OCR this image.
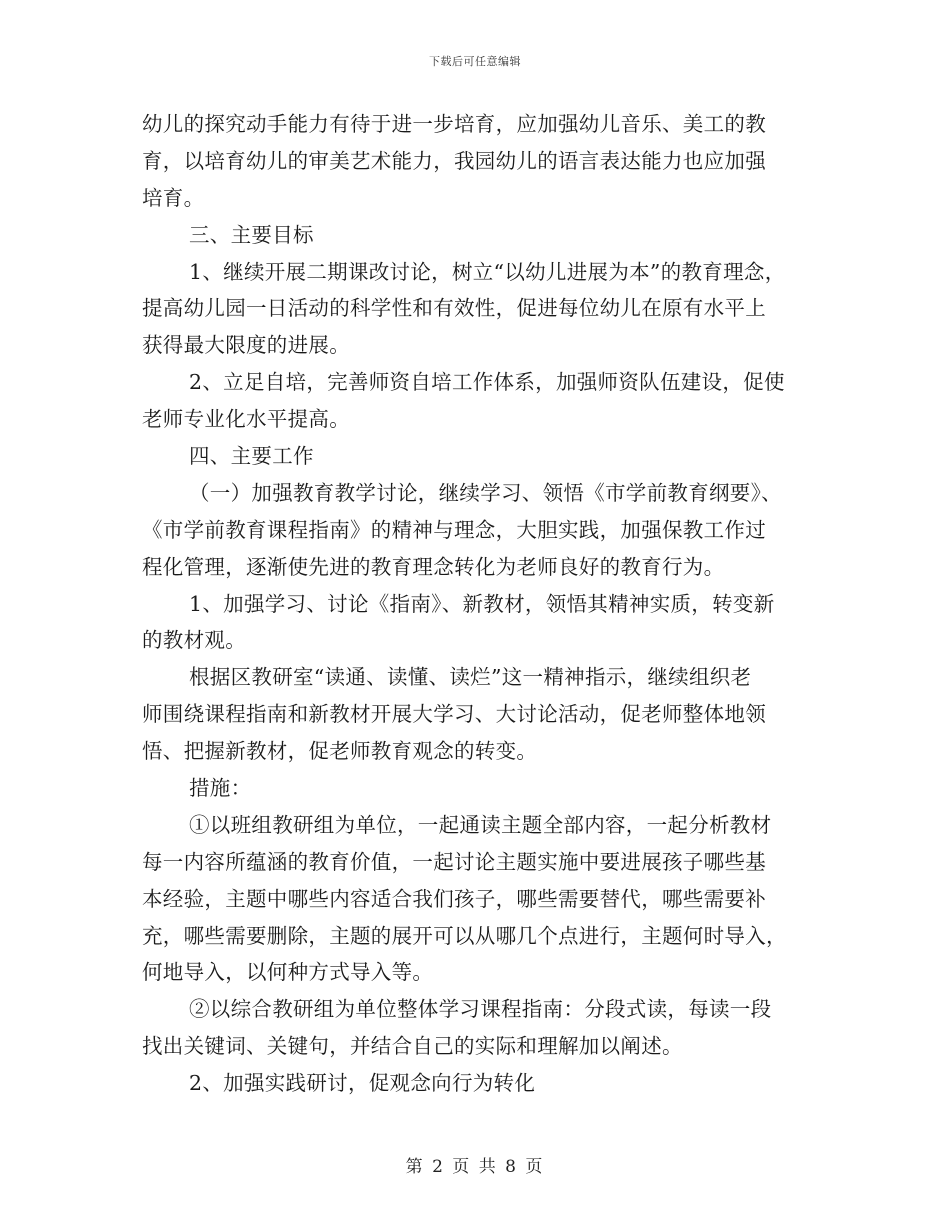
下载后可任意编辑
幼儿的探究动手能力有待于进一步培育，应加强幼儿音乐、美工的教
育，以培育幼儿的审美艺术能力，我园幼儿的语言表达能力也应加强
培育。
三、主要目标
1、继续开展二期课改讨论，树立“以幼儿进展为本”的教育理念，
提高幼儿园一日活动的科学性和有效性，促进每位幼儿在原有水平上
获得最大限度的进展。
2、立足自培，完善师资自培工作体系，加强师资队伍建设，促使
老师专业化水平提高。
四、主要工作
（一）加强教育教学讨论，继续学习、领悟《市学前教育纲要》、
《市学前教育课程指南》的精神与理念，大胆实践，加强保教工作过
程化管理，逐渐使先进的教育理念转化为老师良好的教育行为。
1、加强学习、讨论《指南》、新教材，领悟其精神实质，转变新
的教材观。
根据区教研室“读通、读懂、读烂”这一精神指示，继续组织老
师围绕课程指南和新教材开展大学习、大讨论活动，促老师整体地领
悟、把握新教材，促老师教育观念的转变。
措施：
①以班组教研组为单位，一起通读主题全部内容，一起分析教材
每一内容所蕴涵的教育价值，一起讨论主题实施中要进展孩子哪些基
本经验，主题中哪些内容适合我们孩子，哪些需要替代，哪些需要补
充，哪些需要删除，主题的展开可以从哪几个点进行，主题何时导入，
何地导入，以何种方式导入等。
②以综合教研组为单位整体学习课程指南：分段式读，每读一段
找出关键词、关键句，并结合自己的实际和理解加以阐述。
2、加强实践研讨，促观念向行为转化
第 2 页 共 8 页
